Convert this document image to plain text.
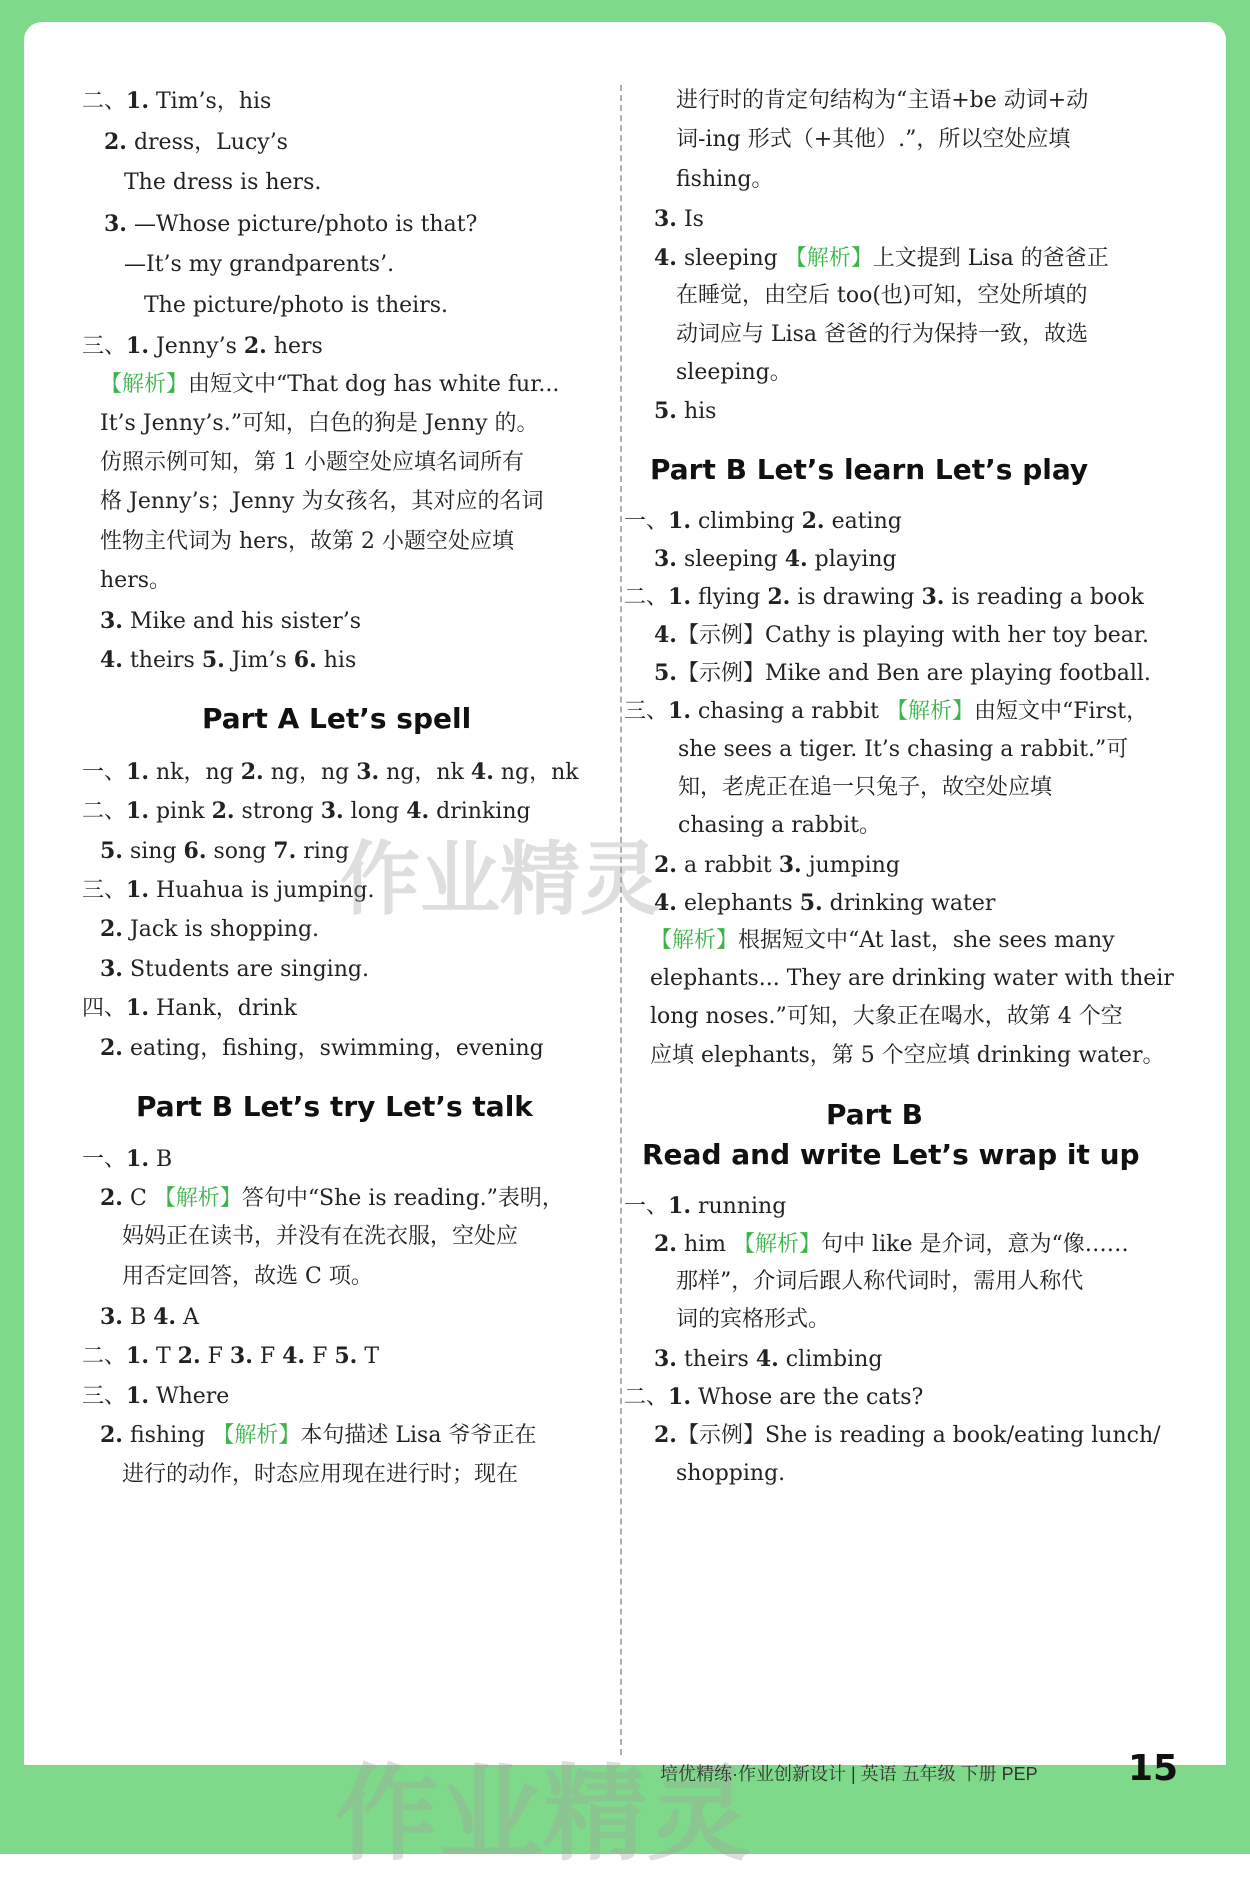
二、1. Tim’s，his
2. dress，Lucy’s
The dress is hers.
3. —Whose picture/photo is that?
—It’s my grandparents’.
The picture/photo is theirs.
三、1. Jenny’s 2. hers
【解析】由短文中“That dog has white fur...
It’s Jenny’s.”可知，白色的狗是 Jenny 的。
仿照示例可知，第 1 小题空处应填名词所有
格 Jenny’s；Jenny 为女孩名，其对应的名词
性物主代词为 hers，故第 2 小题空处应填
hers。
3. Mike and his sister’s
4. theirs 5. Jim’s 6. his
Part A Let’s spell
一、1. nk，ng 2. ng，ng 3. ng，nk 4. ng，nk
二、1. pink 2. strong 3. long 4. drinking
5. sing 6. song 7. ring
三、1. Huahua is jumping.
2. Jack is shopping.
3. Students are singing.
四、1. Hank，drink
2. eating，fishing，swimming，evening
Part B Let’s try Let’s talk
一、1. B
2. C 【解析】答句中“She is reading.”表明，
妈妈正在读书，并没有在洗衣服，空处应
用否定回答，故选 C 项。
3. B 4. A
二、1. T 2. F 3. F 4. F 5. T
三、1. Where
2. fishing 【解析】本句描述 Lisa 爷爷正在
进行的动作，时态应用现在进行时；现在
进行时的肯定句结构为“主语+be 动词+动
词-ing 形式（+其他）.”，所以空处应填
fishing。
3. Is
4. sleeping 【解析】上文提到 Lisa 的爸爸正
在睡觉，由空后 too(也)可知，空处所填的
动词应与 Lisa 爸爸的行为保持一致，故选
sleeping。
5. his
Part B Let’s learn Let’s play
一、1. climbing 2. eating
3. sleeping 4. playing
二、1. flying 2. is drawing 3. is reading a book
4.【示例】Cathy is playing with her toy bear.
5.【示例】Mike and Ben are playing football.
三、1. chasing a rabbit 【解析】由短文中“First，
she sees a tiger. It’s chasing a rabbit.”可
知，老虎正在追一只兔子，故空处应填
chasing a rabbit。
2. a rabbit 3. jumping
4. elephants 5. drinking water
【解析】根据短文中“At last，she sees many
elephants... They are drinking water with their
long noses.”可知，大象正在喝水，故第 4 个空
应填 elephants，第 5 个空应填 drinking water。
Part B
Read and write Let’s wrap it up
一、1. running
2. him 【解析】句中 like 是介词，意为“像……
那样”，介词后跟人称代词时，需用人称代
词的宾格形式。
3. theirs 4. climbing
二、1. Whose are the cats?
2.【示例】She is reading a book/eating lunch/
shopping.
作业精灵
作业精灵
培优精练·作业创新设计 | 英语 五年级 下册 PEP	15
